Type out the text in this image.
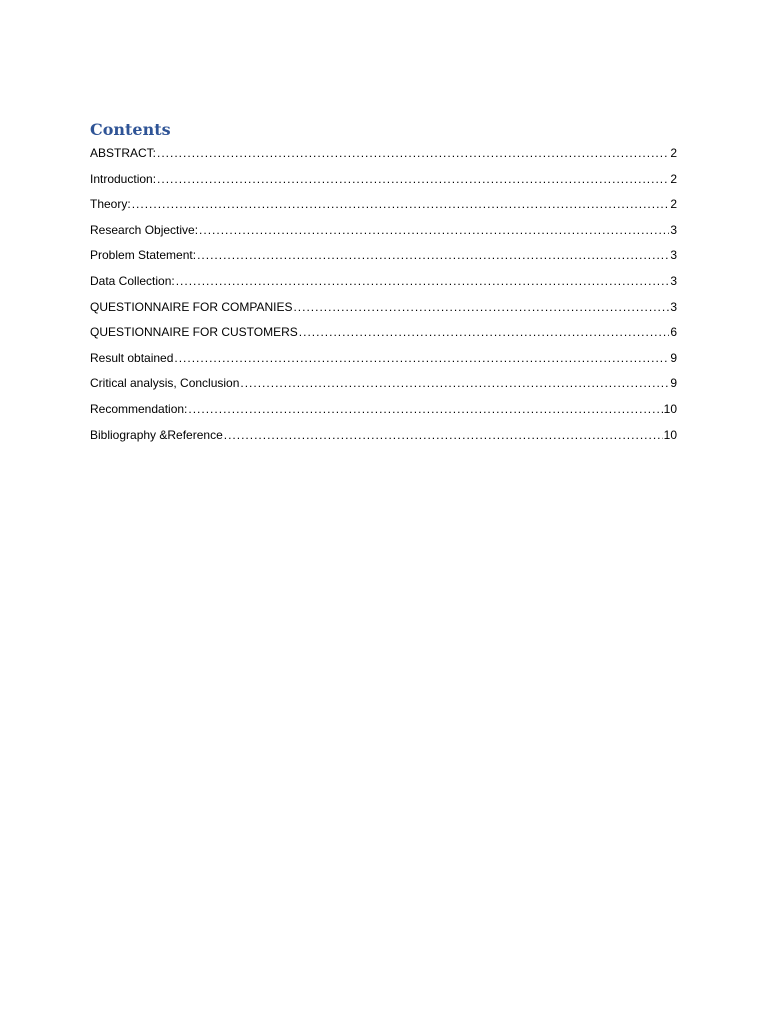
Contents
ABSTRACT: .....	2
Introduction: .....	2
Theory: .....	2
Research Objective: .....	3
Problem Statement: .....	3
Data Collection: .....	3
QUESTIONNAIRE FOR COMPANIES .....	3
QUESTIONNAIRE FOR CUSTOMERS .....	6
Result obtained .....	9
Critical analysis, Conclusion .....	9
Recommendation: .....	10
Bibliography &Reference .....	10
